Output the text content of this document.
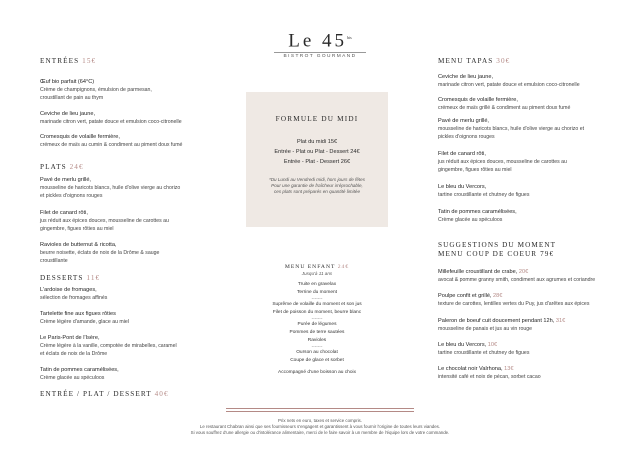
ENTRÉES 15€
Œuf bio parfait (64°C)
Crème de champignons, émulsion de parmesan,
croustillant de pain au thym
Ceviche de lieu jaune,
marinade citron vert, patate douce et emulsion coco-citronelle
Cromesquis de volaille fermière,
crémeux de maïs au cumin & condiment au piment doux fumé
PLATS 24€
Pavé de merlu grillé,
mousseline de haricots blancs, huile d'olive vierge au chorizo
et pickles d'oignons rouges
Filet de canard rôti,
jus réduit aux épices douces, mousseline de carottes au
gingembre, figues rôties au miel
Ravioles de butternut & ricotta,
beurre noisette, éclats de noix de la Drôme & sauge
croustillante
DESSERTS 11€
L'ardoise de fromages,
sélection de fromages affinés
Tartelette fine aux figues rôties
Crème légère d'amande, glace au miel
Le Paris-Pont de l'Isère,
Crème légère à la vanille, compotée de mirabelles, caramel
et éclats de noix de la Drôme
Tatin de pommes caramélisées,
Crème glacée au spéculoos
ENTRÉE / PLAT / DESSERT 40€
Le $45^{bis}$
BISTROT GOURMAND
FORMULE DU MIDI
Plat du midi 15€
Entrée - Plat ou Plat - Dessert 24€
Entrée - Plat - Dessert 26€
*Du Lundi au Vendredi midi, hors jours de fêtes
Pour une garantie de fraîcheur irréprochable,
ces plats sont préparés en quantité limitée
MENU ENFANT 24€
Jusqu'à 11 ans
Truite en gravelax
Terrine du moment
-------
Suprême de volaille du moment et son jus
Filet de poisson du moment, beurre blanc
-------
Purée de légumes
Pommes de terre sautées
Ravioles
-------
Ourson au chocolat
Coupe de glace et sorbet
Accompagné d'une boisson au choix
MENU TAPAS 30€
Ceviche de lieu jaune,
marinade citron vert, patate douce et emulsion coco-citronelle
Cromesquis de volaille fermière,
crémeux de maïs grillé & condiment au piment doux fumé
Pavé de merlu grillé,
mousseline de haricots blancs, huile d'olive vierge au chorizo et
pickles d'oignons rouges
Filet de canard rôti,
jus réduit aux épices douces, mousseline de carottes au
gingembre, figues rôties au miel
Le bleu du Vercors,
tartine croustillante et chutney de figues
Tatin de pommes caramélisées,
Crème glacée au spéculoos
SUGGESTIONS DU MOMENT
MENU COUP DE COEUR 79€
Millefeuille croustillant de crabe, 20€
avocat & pomme granny smith, condiment aux agrumes et coriandre
Poulpe confit et grillé, 28€
texture de carottes, lentilles vertes du Puy, jus d'arêtes aux épices
Paleron de boeuf cuit doucement pendant 12h, 31€
mousseline de panais et jus au vin rouge
Le bleu du Vercors, 10€
tartine croustillante et chutney de figues
Le chocolat noir Valrhona, 13€
intensité café et noix de pécan, sorbet cacao
Prix nets en euro, taxes et service compris.
Le restaurant Chabran ainsi que ses fournisseurs s'engagent et garantissent à vous fournir l'origine de toutes leurs viandes.
Si vous souffrez d'une allergie ou d'intolérance alimentaire, merci de le faire savoir à un membre de l'équipe lors de votre commande.
